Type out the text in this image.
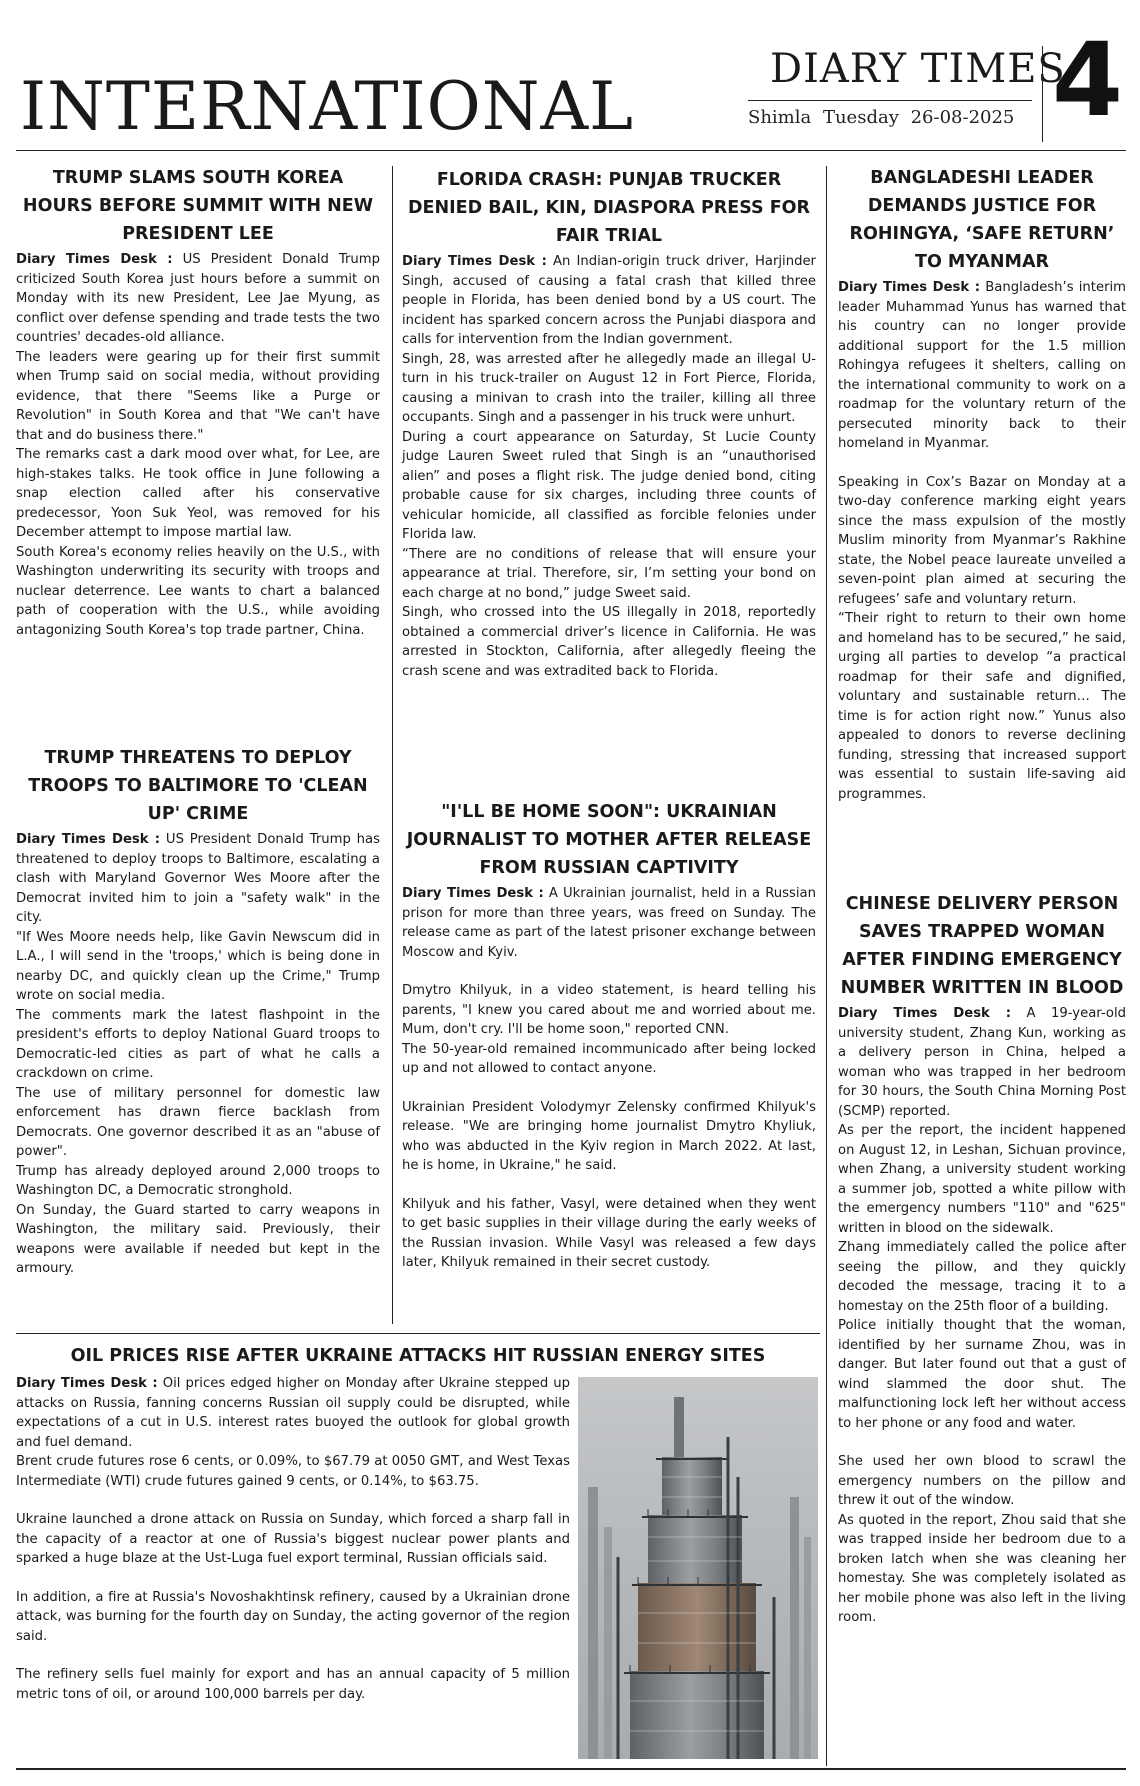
INTERNATIONAL	DIARY TIMES
Shimla Tuesday 26-08-2025 4
TRUMP SLAMS SOUTH KOREA HOURS BEFORE SUMMIT WITH NEW PRESIDENT LEE

Diary Times Desk : US President Donald Trump criticized South Korea just hours before a summit on Monday with its new President, Lee Jae Myung, as conflict over defense spending and trade tests the two countries' decades-old alliance.

The leaders were gearing up for their first summit when Trump said on social media, without providing evidence, that there "Seems like a Purge or Revolution" in South Korea and that "We can't have that and do business there."

The remarks cast a dark mood over what, for Lee, are high-stakes talks. He took office in June following a snap election called after his conservative predecessor, Yoon Suk Yeol, was removed for his December attempt to impose martial law.

South Korea's economy relies heavily on the U.S., with Washington underwriting its security with troops and nuclear deterrence. Lee wants to chart a balanced path of cooperation with the U.S., while avoiding antagonizing South Korea's top trade partner, China.

TRUMP THREATENS TO DEPLOY TROOPS TO BALTIMORE TO 'CLEAN UP' CRIME

Diary Times Desk : US President Donald Trump has threatened to deploy troops to Baltimore, escalating a clash with Maryland Governor Wes Moore after the Democrat invited him to join a "safety walk" in the city.

"If Wes Moore needs help, like Gavin Newscum did in L.A., I will send in the 'troops,' which is being done in nearby DC, and quickly clean up the Crime," Trump wrote on social media.

The comments mark the latest flashpoint in the president's efforts to deploy National Guard troops to Democratic-led cities as part of what he calls a crackdown on crime.

The use of military personnel for domestic law enforcement has drawn fierce backlash from Democrats. One governor described it as an "abuse of power".

Trump has already deployed around 2,000 troops to Washington DC, a Democratic stronghold.

On Sunday, the Guard started to carry weapons in Washington, the military said. Previously, their weapons were available if needed but kept in the armoury.

FLORIDA CRASH: PUNJAB TRUCKER DENIED BAIL, KIN, DIASPORA PRESS FOR FAIR TRIAL

Diary Times Desk : An Indian-origin truck driver, Harjinder Singh, accused of causing a fatal crash that killed three people in Florida, has been denied bond by a US court. The incident has sparked concern across the Punjabi diaspora and calls for intervention from the Indian government.

Singh, 28, was arrested after he allegedly made an illegal U-turn in his truck-trailer on August 12 in Fort Pierce, Florida, causing a minivan to crash into the trailer, killing all three occupants. Singh and a passenger in his truck were unhurt.

During a court appearance on Saturday, St Lucie County judge Lauren Sweet ruled that Singh is an “unauthorised alien” and poses a flight risk. The judge denied bond, citing probable cause for six charges, including three counts of vehicular homicide, all classified as forcible felonies under Florida law.

“There are no conditions of release that will ensure your appearance at trial. Therefore, sir, I’m setting your bond on each charge at no bond,” judge Sweet said.

Singh, who crossed into the US illegally in 2018, reportedly obtained a commercial driver’s licence in California. He was arrested in Stockton, California, after allegedly fleeing the crash scene and was extradited back to Florida.

"I'LL BE HOME SOON": UKRAINIAN JOURNALIST TO MOTHER AFTER RELEASE FROM RUSSIAN CAPTIVITY

Diary Times Desk : A Ukrainian journalist, held in a Russian prison for more than three years, was freed on Sunday. The release came as part of the latest prisoner exchange between Moscow and Kyiv.

Dmytro Khilyuk, in a video statement, is heard telling his parents, "I knew you cared about me and worried about me. Mum, don't cry. I'll be home soon," reported CNN.

The 50-year-old remained incommunicado after being locked up and not allowed to contact anyone.

Ukrainian President Volodymyr Zelensky confirmed Khilyuk's release. "We are bringing home journalist Dmytro Khyliuk, who was abducted in the Kyiv region in March 2022. At last, he is home, in Ukraine," he said.

Khilyuk and his father, Vasyl, were detained when they went to get basic supplies in their village during the early weeks of the Russian invasion. While Vasyl was released a few days later, Khilyuk remained in their secret custody.

BANGLADESHI LEADER DEMANDS JUSTICE FOR ROHINGYA, ‘SAFE RETURN’ TO MYANMAR

Diary Times Desk : Bangladesh’s interim leader Muhammad Yunus has warned that his country can no longer provide additional support for the 1.5 million Rohingya refugees it shelters, calling on the international community to work on a roadmap for the voluntary return of the persecuted minority back to their homeland in Myanmar.

Speaking in Cox’s Bazar on Monday at a two-day conference marking eight years since the mass expulsion of the mostly Muslim minority from Myanmar’s Rakhine state, the Nobel peace laureate unveiled a seven-point plan aimed at securing the refugees’ safe and voluntary return.

“Their right to return to their own home and homeland has to be secured,” he said, urging all parties to develop “a practical roadmap for their safe and dignified, voluntary and sustainable return… The time is for action right now.” Yunus also appealed to donors to reverse declining funding, stressing that increased support was essential to sustain life-saving aid programmes.

CHINESE DELIVERY PERSON SAVES TRAPPED WOMAN AFTER FINDING EMERGENCY NUMBER WRITTEN IN BLOOD

Diary Times Desk : A 19-year-old university student, Zhang Kun, working as a delivery person in China, helped a woman who was trapped in her bedroom for 30 hours, the South China Morning Post (SCMP) reported.

As per the report, the incident happened on August 12, in Leshan, Sichuan province, when Zhang, a university student working a summer job, spotted a white pillow with the emergency numbers "110" and "625" written in blood on the sidewalk.

Zhang immediately called the police after seeing the pillow, and they quickly decoded the message, tracing it to a homestay on the 25th floor of a building.

Police initially thought that the woman, identified by her surname Zhou, was in danger. But later found out that a gust of wind slammed the door shut. The malfunctioning lock left her without access to her phone or any food and water.

She used her own blood to scrawl the emergency numbers on the pillow and threw it out of the window.

As quoted in the report, Zhou said that she was trapped inside her bedroom due to a broken latch when she was cleaning her homestay. She was completely isolated as her mobile phone was also left in the living room.

OIL PRICES RISE AFTER UKRAINE ATTACKS HIT RUSSIAN ENERGY SITES

Diary Times Desk : Oil prices edged higher on Monday after Ukraine stepped up attacks on Russia, fanning concerns Russian oil supply could be disrupted, while expectations of a cut in U.S. interest rates buoyed the outlook for global growth and fuel demand.

Brent crude futures rose 6 cents, or 0.09%, to $67.79 at 0050 GMT, and West Texas Intermediate (WTI) crude futures gained 9 cents, or 0.14%, to $63.75.

Ukraine launched a drone attack on Russia on Sunday, which forced a sharp fall in the capacity of a reactor at one of Russia's biggest nuclear power plants and sparked a huge blaze at the Ust-Luga fuel export terminal, Russian officials said.

In addition, a fire at Russia's Novoshakhtinsk refinery, caused by a Ukrainian drone attack, was burning for the fourth day on Sunday, the acting governor of the region said.

The refinery sells fuel mainly for export and has an annual capacity of 5 million metric tons of oil, or around 100,000 barrels per day.
